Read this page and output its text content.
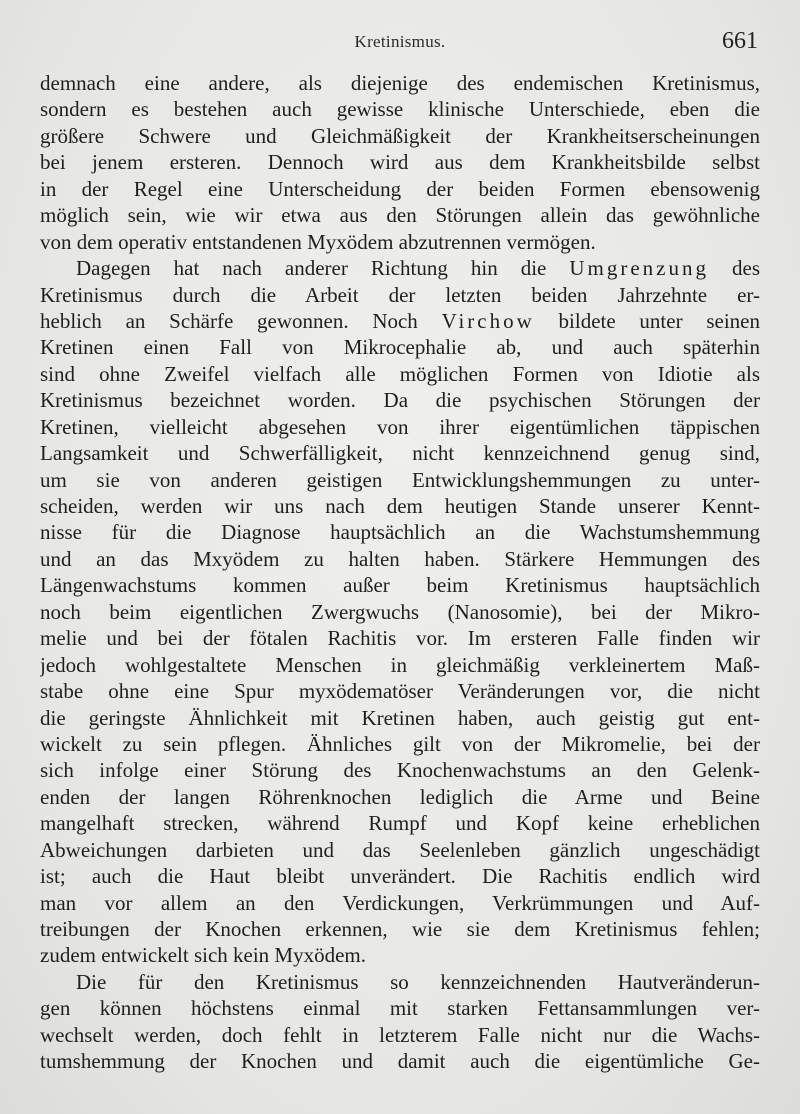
Kretinismus.	661
demnach eine andere, als diejenige des endemischen Kretinismus,
sondern es bestehen auch gewisse klinische Unterschiede, eben die
größere Schwere und Gleichmäßigkeit der Krankheitserscheinungen
bei jenem ersteren. Dennoch wird aus dem Krankheitsbilde selbst
in der Regel eine Unterscheidung der beiden Formen ebensowenig
möglich sein, wie wir etwa aus den Störungen allein das gewöhnliche
von dem operativ entstandenen Myxödem abzutrennen vermögen.
Dagegen hat nach anderer Richtung hin die Umgrenzung des
Kretinismus durch die Arbeit der letzten beiden Jahrzehnte er-
heblich an Schärfe gewonnen. Noch Virchow bildete unter seinen
Kretinen einen Fall von Mikrocephalie ab, und auch späterhin
sind ohne Zweifel vielfach alle möglichen Formen von Idiotie als
Kretinismus bezeichnet worden. Da die psychischen Störungen der
Kretinen, vielleicht abgesehen von ihrer eigentümlichen täppischen
Langsamkeit und Schwerfälligkeit, nicht kennzeichnend genug sind,
um sie von anderen geistigen Entwicklungshemmungen zu unter-
scheiden, werden wir uns nach dem heutigen Stande unserer Kennt-
nisse für die Diagnose hauptsächlich an die Wachstumshemmung
und an das Mxyödem zu halten haben. Stärkere Hemmungen des
Längenwachstums kommen außer beim Kretinismus hauptsächlich
noch beim eigentlichen Zwergwuchs (Nanosomie), bei der Mikro-
melie und bei der fötalen Rachitis vor. Im ersteren Falle finden wir
jedoch wohlgestaltete Menschen in gleichmäßig verkleinertem Maß-
stabe ohne eine Spur myxödematöser Veränderungen vor, die nicht
die geringste Ähnlichkeit mit Kretinen haben, auch geistig gut ent-
wickelt zu sein pflegen. Ähnliches gilt von der Mikromelie, bei der
sich infolge einer Störung des Knochenwachstums an den Gelenk-
enden der langen Röhrenknochen lediglich die Arme und Beine
mangelhaft strecken, während Rumpf und Kopf keine erheblichen
Abweichungen darbieten und das Seelenleben gänzlich ungeschädigt
ist; auch die Haut bleibt unverändert. Die Rachitis endlich wird
man vor allem an den Verdickungen, Verkrümmungen und Auf-
treibungen der Knochen erkennen, wie sie dem Kretinismus fehlen;
zudem entwickelt sich kein Myxödem.
Die für den Kretinismus so kennzeichnenden Hautveränderun-
gen können höchstens einmal mit starken Fettansammlungen ver-
wechselt werden, doch fehlt in letzterem Falle nicht nur die Wachs-
tumshemmung der Knochen und damit auch die eigentümliche Ge-
